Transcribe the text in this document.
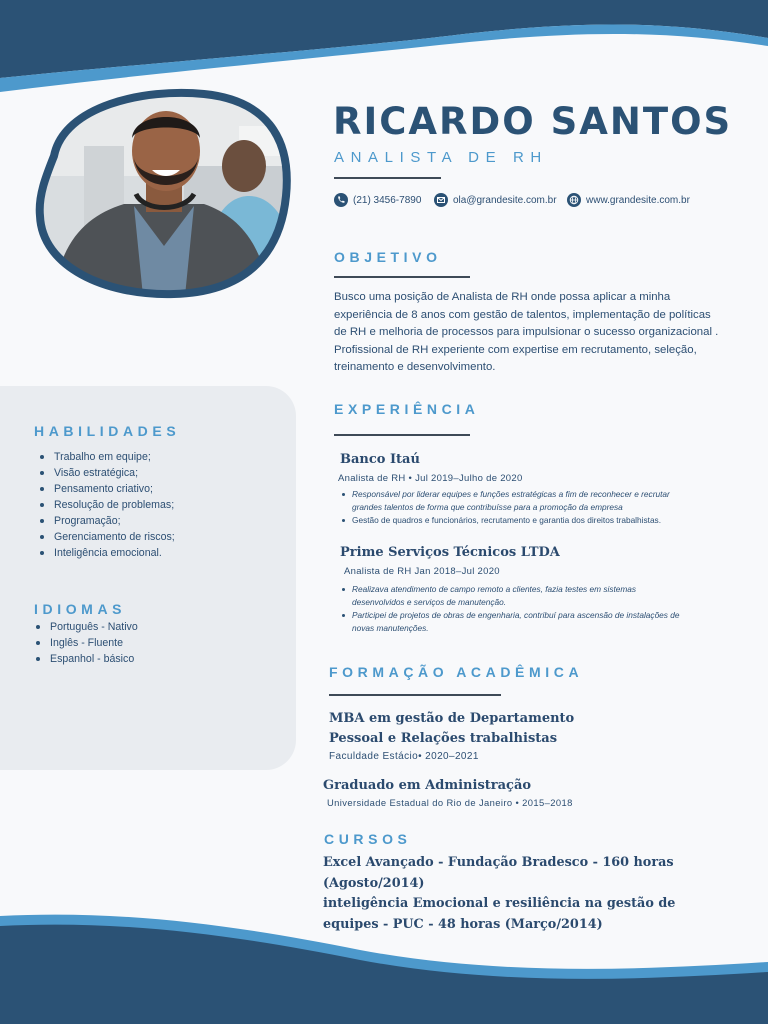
RICARDO SANTOS
ANALISTA DE RH
(21) 3456-7890	ola@grandesite.com.br	www.grandesite.com.br
OBJETIVO
Busco uma posição de Analista de RH onde possa aplicar a minha
experiência de 8 anos com gestão de talentos, implementação de políticas
de RH e melhoria de processos para impulsionar o sucesso organizacional .
Profissional de RH experiente com expertise em recrutamento, seleção,
treinamento e desenvolvimento.
HABILIDADES
Trabalho em equipe;
Visão estratégica;
Pensamento criativo;
Resolução de problemas;
Programação;
Gerenciamento de riscos;
Inteligência emocional.
IDIOMAS
Português - Nativo
Inglês - Fluente
Espanhol - básico
EXPERIÊNCIA
Banco Itaú
Analista de RH • Jul 2019–Julho de 2020
Responsável por liderar equipes e funções estratégicas a fim de reconhecer e recrutar
grandes talentos de forma que contribuísse para a promoção da empresa
Gestão de quadros e funcionários, recrutamento e garantia dos direitos trabalhistas.
Prime Serviços Técnicos LTDA
Analista de RH Jan 2018–Jul 2020
Realizava atendimento de campo remoto a clientes, fazia testes em sistemas
desenvolvidos e serviços de manutenção.
Participei de projetos de obras de engenharia, contribuí para ascensão de instalações de
novas manutenções.
FORMAÇÃO ACADÊMICA
MBA em gestão de Departamento
Pessoal e Relações trabalhistas
Faculdade Estácio• 2020–2021
Graduado em Administração
Universidade Estadual do Rio de Janeiro • 2015–2018
CURSOS
Excel Avançado - Fundação Bradesco - 160 horas
(Agosto/2014)
inteligência Emocional e resiliência na gestão de
equipes - PUC - 48 horas (Março/2014)
